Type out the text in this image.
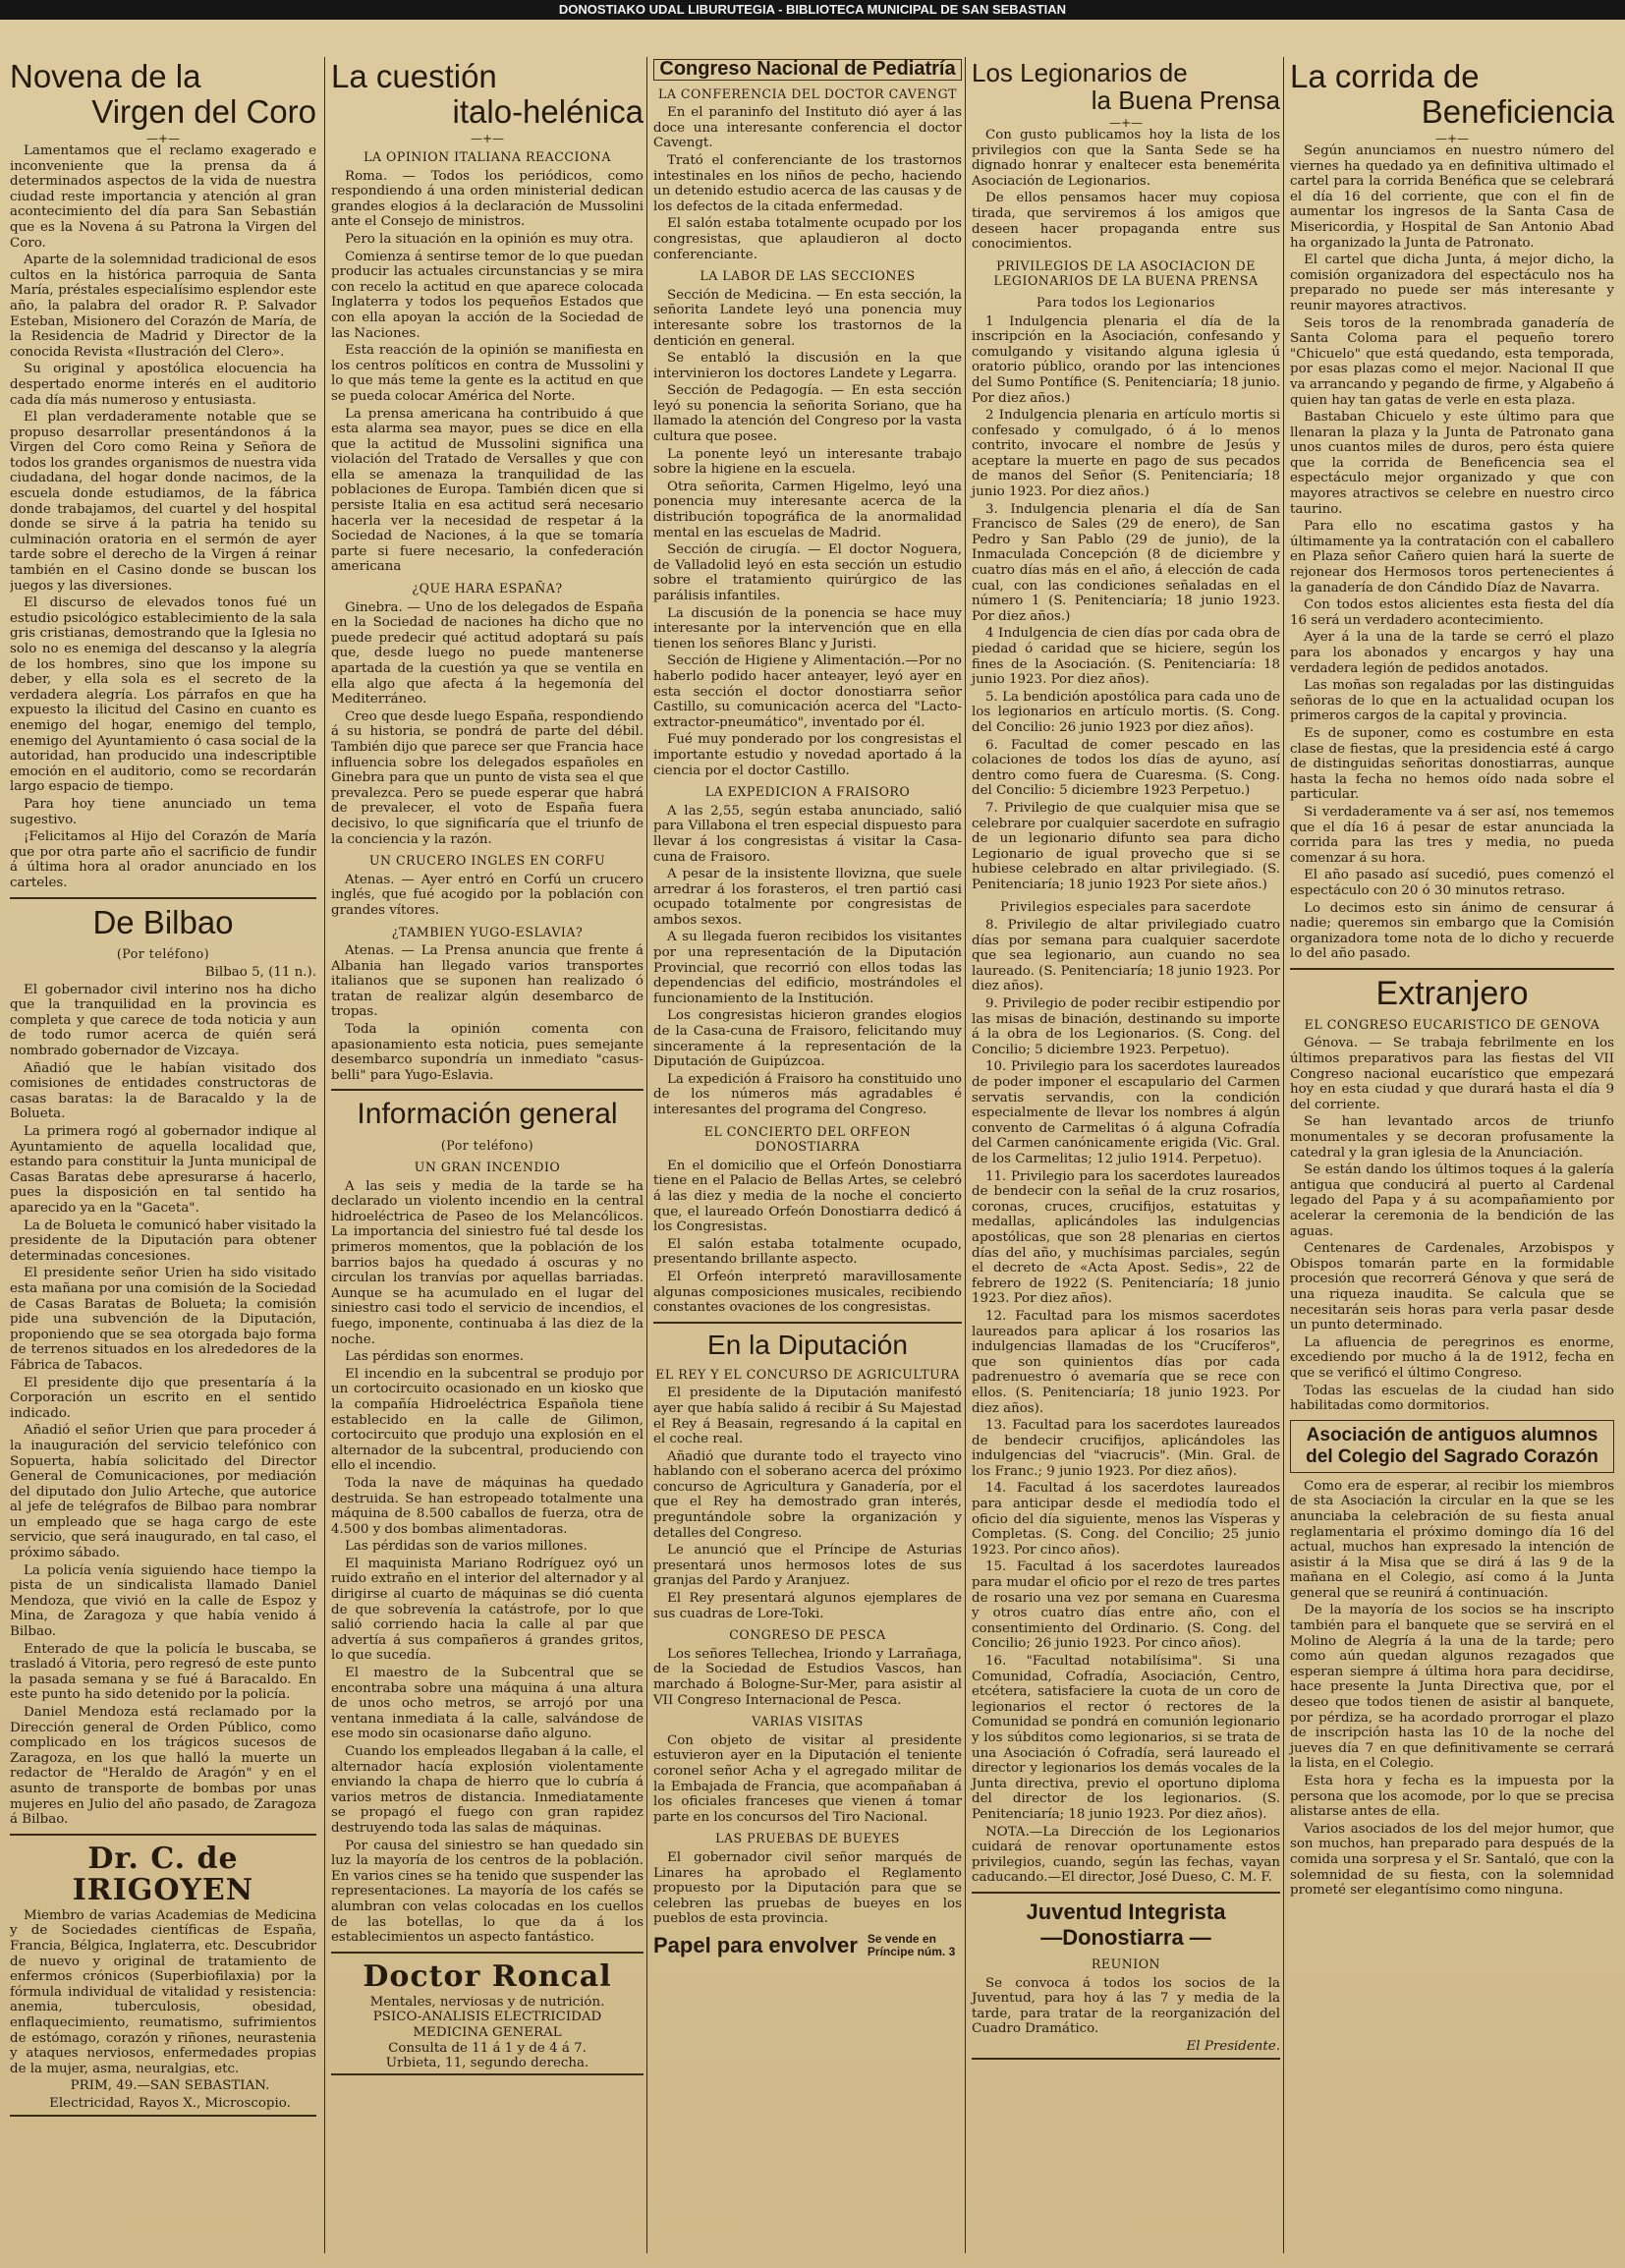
DONOSTIAKO UDAL LIBURUTEGIA - BIBLIOTECA MUNICIPAL DE SAN SEBASTIAN
Novena de la
Virgen del Coro
—+—

Lamentamos que el reclamo exagerado e inconveniente que la prensa da á determinados aspectos de la vida de nuestra ciudad reste importancia y atención al gran acontecimiento del día para San Sebastián que es la Novena á su Patrona la Virgen del Coro.

Aparte de la solemnidad tradicional de esos cultos en la histórica parroquia de Santa María, préstales especialísimo esplendor este año, la palabra del orador R. P. Salvador Esteban, Misionero del Corazón de María, de la Residencia de Madrid y Director de la conocida Revista «Ilustración del Clero».

Su original y apostólica elocuencia ha despertado enorme interés en el auditorio cada día más numeroso y entusiasta.

El plan verdaderamente notable que se propuso desarrollar presentándonos á la Virgen del Coro como Reina y Señora de todos los grandes organismos de nuestra vida ciudadana, del hogar donde nacimos, de la escuela donde estudiamos, de la fábrica donde trabajamos, del cuartel y del hospital donde se sirve á la patria ha tenido su culminación oratoria en el sermón de ayer tarde sobre el derecho de la Virgen á reinar también en el Casino donde se buscan los juegos y las diversiones.

El discurso de elevados tonos fué un estudio psicológico establecimiento de la sala gris cristianas, demostrando que la Iglesia no solo no es enemiga del descanso y la alegría de los hombres, sino que los impone su deber, y ella sola es el secreto de la verdadera alegría. Los párrafos en que ha expuesto la ilicitud del Casino en cuanto es enemigo del hogar, enemigo del templo, enemigo del Ayuntamiento ó casa social de la autoridad, han producido una indescriptible emoción en el auditorio, como se recordarán largo espacio de tiempo.

Para hoy tiene anunciado un tema sugestivo.

¡Felicitamos al Hijo del Corazón de María que por otra parte año el sacrificio de fundir á última hora al orador anunciado en los carteles.

De Bilbao

(Por teléfono)

Bilbao 5, (11 n.).

El gobernador civil interino nos ha dicho que la tranquilidad en la provincia es completa y que carece de toda noticia y aun de todo rumor acerca de quién será nombrado gobernador de Vizcaya.

Añadió que le habían visitado dos comisiones de entidades constructoras de casas baratas: la de Baracaldo y la de Bolueta.

La primera rogó al gobernador indique al Ayuntamiento de aquella localidad que, estando para constituir la Junta municipal de Casas Baratas debe apresurarse á hacerlo, pues la disposición en tal sentido ha aparecido ya en la "Gaceta".

La de Bolueta le comunicó haber visitado la presidente de la Diputación para obtener determinadas concesiones.

El presidente señor Urien ha sido visitado esta mañana por una comisión de la Sociedad de Casas Baratas de Bolueta; la comisión pide una subvención de la Diputación, proponiendo que se sea otorgada bajo forma de terrenos situados en los alrededores de la Fábrica de Tabacos.

El presidente dijo que presentaría á la Corporación un escrito en el sentido indicado.

Añadió el señor Urien que para proceder á la inauguración del servicio telefónico con Sopuerta, había solicitado del Director General de Comunicaciones, por mediación del diputado don Julio Arteche, que autorice al jefe de telégrafos de Bilbao para nombrar un empleado que se haga cargo de este servicio, que será inaugurado, en tal caso, el próximo sábado.

La policía venía siguiendo hace tiempo la pista de un sindicalista llamado Daniel Mendoza, que vivió en la calle de Espoz y Mina, de Zaragoza y que había venido á Bilbao.

Enterado de que la policía le buscaba, se trasladó á Vitoria, pero regresó de este punto la pasada semana y se fué á Baracaldo. En este punto ha sido detenido por la policía.

Daniel Mendoza está reclamado por la Dirección general de Orden Público, como complicado en los trágicos sucesos de Zaragoza, en los que halló la muerte un redactor de "Heraldo de Aragón" y en el asunto de transporte de bombas por unas mujeres en Julio del año pasado, de Zaragoza á Bilbao.

Dr. C. de IRIGOYEN

Miembro de varias Academias de Medicina y de Sociedades científicas de España, Francia, Bélgica, Inglaterra, etc. Descubridor de nuevo y original de tratamiento de enfermos crónicos (Superbiofilaxia) por la fórmula individual de vitalidad y resistencia: anemia, tuberculosis, obesidad, enflaquecimiento, reumatismo, sufrimientos de estómago, corazón y riñones, neurastenia y ataques nerviosos, enfermedades propias de la mujer, asma, neuralgias, etc.

PRIM, 49.—SAN SEBASTIAN.

Electricidad, Rayos X., Microscopio.

La cuestión
italo-helénica
—+—

LA OPINION ITALIANA REACCIONA

Roma. — Todos los periódicos, como respondiendo á una orden ministerial dedican grandes elogios á la declaración de Mussolini ante el Consejo de ministros.

Pero la situación en la opinión es muy otra.

Comienza á sentirse temor de lo que puedan producir las actuales circunstancias y se mira con recelo la actitud en que aparece colocada Inglaterra y todos los pequeños Estados que con ella apoyan la acción de la Sociedad de las Naciones.

Esta reacción de la opinión se manifiesta en los centros políticos en contra de Mussolini y lo que más teme la gente es la actitud en que se pueda colocar América del Norte.

La prensa americana ha contribuido á que esta alarma sea mayor, pues se dice en ella que la actitud de Mussolini significa una violación del Tratado de Versalles y que con ella se amenaza la tranquilidad de las poblaciones de Europa. También dicen que si persiste Italia en esa actitud será necesario hacerla ver la necesidad de respetar á la Sociedad de Naciones, á la que se tomaría parte si fuere necesario, la confederación americana

¿QUE HARA ESPAÑA?

Ginebra. — Uno de los delegados de España en la Sociedad de naciones ha dicho que no puede predecir qué actitud adoptará su país que, desde luego no puede mantenerse apartada de la cuestión ya que se ventila en ella algo que afecta á la hegemonía del Mediterráneo.

Creo que desde luego España, respondiendo á su historia, se pondrá de parte del débil. También dijo que parece ser que Francia hace influencia sobre los delegados españoles en Ginebra para que un punto de vista sea el que prevalezca. Pero se puede esperar que habrá de prevalecer, el voto de España fuera decisivo, lo que significaría que el triunfo de la conciencia y la razón.

UN CRUCERO INGLES EN CORFU

Atenas. — Ayer entró en Corfú un crucero inglés, que fué acogido por la población con grandes vítores.

¿TAMBIEN YUGO-ESLAVIA?

Atenas. — La Prensa anuncia que frente á Albania han llegado varios transportes italianos que se suponen han realizado ó tratan de realizar algún desembarco de tropas.

Toda la opinión comenta con apasionamiento esta noticia, pues semejante desembarco supondría un inmediato "casus-belli" para Yugo-Eslavia.

Información general

(Por teléfono)

UN GRAN INCENDIO

A las seis y media de la tarde se ha declarado un violento incendio en la central hidroeléctrica de Paseo de los Melancólicos. La importancia del siniestro fué tal desde los primeros momentos, que la población de los barrios bajos ha quedado á oscuras y no circulan los tranvías por aquellas barriadas. Aunque se ha acumulado en el lugar del siniestro casi todo el servicio de incendios, el fuego, imponente, continuaba á las diez de la noche.

Las pérdidas son enormes.

El incendio en la subcentral se produjo por un cortocircuito ocasionado en un kiosko que la compañía Hidroeléctrica Española tiene establecido en la calle de Gilimon, cortocircuito que produjo una explosión en el alternador de la subcentral, produciendo con ello el incendio.

Toda la nave de máquinas ha quedado destruida. Se han estropeado totalmente una máquina de 8.500 caballos de fuerza, otra de 4.500 y dos bombas alimentadoras.

Las pérdidas son de varios millones.

El maquinista Mariano Rodríguez oyó un ruido extraño en el interior del alternador y al dirigirse al cuarto de máquinas se dió cuenta de que sobrevenía la catástrofe, por lo que salió corriendo hacia la calle al par que advertía á sus compañeros á grandes gritos, lo que sucedía.

El maestro de la Subcentral que se encontraba sobre una máquina á una altura de unos ocho metros, se arrojó por una ventana inmediata á la calle, salvándose de ese modo sin ocasionarse daño alguno.

Cuando los empleados llegaban á la calle, el alternador hacía explosión violentamente enviando la chapa de hierro que lo cubría á varios metros de distancia. Inmediatamente se propagó el fuego con gran rapidez destruyendo toda las salas de máquinas.

Por causa del siniestro se han quedado sin luz la mayoría de los centros de la población. En varios cines se ha tenido que suspender las representaciones. La mayoría de los cafés se alumbran con velas colocadas en los cuellos de las botellas, lo que da á los establecimientos un aspecto fantástico.

Doctor Roncal

Mentales, nerviosas y de nutrición.

PSICO-ANALISIS ELECTRICIDAD

MEDICINA GENERAL

Consulta de 11 á 1 y de 4 á 7.

Urbieta, 11, segundo derecha.

Congreso Nacional de Pediatría

LA CONFERENCIA DEL DOCTOR CAVENGT

En el paraninfo del Instituto dió ayer á las doce una interesante conferencia el doctor Cavengt.

Trató el conferenciante de los trastornos intestinales en los niños de pecho, haciendo un detenido estudio acerca de las causas y de los defectos de la citada enfermedad.

El salón estaba totalmente ocupado por los congresistas, que aplaudieron al docto conferenciante.

LA LABOR DE LAS SECCIONES

Sección de Medicina. — En esta sección, la señorita Landete leyó una ponencia muy interesante sobre los trastornos de la dentición en general.

Se entabló la discusión en la que intervinieron los doctores Landete y Legarra.

Sección de Pedagogía. — En esta sección leyó su ponencia la señorita Soriano, que ha llamado la atención del Congreso por la vasta cultura que posee.

La ponente leyó un interesante trabajo sobre la higiene en la escuela.

Otra señorita, Carmen Higelmo, leyó una ponencia muy interesante acerca de la distribución topográfica de la anormalidad mental en las escuelas de Madrid.

Sección de cirugía. — El doctor Noguera, de Valladolid leyó en esta sección un estudio sobre el tratamiento quirúrgico de las parálisis infantiles.

La discusión de la ponencia se hace muy interesante por la intervención que en ella tienen los señores Blanc y Juristi.

Sección de Higiene y Alimentación.—Por no haberlo podido hacer anteayer, leyó ayer en esta sección el doctor donostiarra señor Castillo, su comunicación acerca del "Lacto-extractor-pneumático", inventado por él.

Fué muy ponderado por los congresistas el importante estudio y novedad aportado á la ciencia por el doctor Castillo.

LA EXPEDICION A FRAISORO

A las 2,55, según estaba anunciado, salió para Villabona el tren especial dispuesto para llevar á los congresistas á visitar la Casa-cuna de Fraisoro.

A pesar de la insistente llovizna, que suele arredrar á los forasteros, el tren partió casi ocupado totalmente por congresistas de ambos sexos.

A su llegada fueron recibidos los visitantes por una representación de la Diputación Provincial, que recorrió con ellos todas las dependencias del edificio, mostrándoles el funcionamiento de la Institución.

Los congresistas hicieron grandes elogios de la Casa-cuna de Fraisoro, felicitando muy sinceramente á la representación de la Diputación de Guipúzcoa.

La expedición á Fraisoro ha constituido uno de los números más agradables é interesantes del programa del Congreso.

EL CONCIERTO DEL ORFEON DONOSTIARRA

En el domicilio que el Orfeón Donostiarra tiene en el Palacio de Bellas Artes, se celebró á las diez y media de la noche el concierto que, el laureado Orfeón Donostiarra dedicó á los Congresistas.

El salón estaba totalmente ocupado, presentando brillante aspecto.

El Orfeón interpretó maravillosamente algunas composiciones musicales, recibiendo constantes ovaciones de los congresistas.

En la Diputación

EL REY Y EL CONCURSO DE AGRICULTURA

El presidente de la Diputación manifestó ayer que había salido á recibir á Su Majestad el Rey á Beasain, regresando á la capital en el coche real.

Añadió que durante todo el trayecto vino hablando con el soberano acerca del próximo concurso de Agricultura y Ganadería, por el que el Rey ha demostrado gran interés, preguntándole sobre la organización y detalles del Congreso.

Le anunció que el Príncipe de Asturias presentará unos hermosos lotes de sus granjas del Pardo y Aranjuez.

El Rey presentará algunos ejemplares de sus cuadras de Lore-Toki.

CONGRESO DE PESCA

Los señores Tellechea, Iriondo y Larrañaga, de la Sociedad de Estudios Vascos, han marchado á Bologne-Sur-Mer, para asistir al VII Congreso Internacional de Pesca.

VARIAS VISITAS

Con objeto de visitar al presidente estuvieron ayer en la Diputación el teniente coronel señor Acha y el agregado militar de la Embajada de Francia, que acompañaban á los oficiales franceses que vienen á tomar parte en los concursos del Tiro Nacional.

LAS PRUEBAS DE BUEYES

El gobernador civil señor marqués de Linares ha aprobado el Reglamento propuesto por la Diputación para que se celebren las pruebas de bueyes en los pueblos de esta provincia.

Papel para envolver Se vende en
Príncipe núm. 3
Los Legionarios de
la Buena Prensa
—+—

Con gusto publicamos hoy la lista de los privilegios con que la Santa Sede se ha dignado honrar y enaltecer esta benemérita Asociación de Legionarios.

De ellos pensamos hacer muy copiosa tirada, que serviremos á los amigos que deseen hacer propaganda entre sus conocimientos.

PRIVILEGIOS DE LA ASOCIACION DE LEGIONARIOS DE LA BUENA PRENSA

Para todos los Legionarios

1 Indulgencia plenaria el día de la inscripción en la Asociación, confesando y comulgando y visitando alguna iglesia ú oratorio público, orando por las intenciones del Sumo Pontífice (S. Penitenciaría; 18 junio. Por diez años.)

2 Indulgencia plenaria en artículo mortis si confesado y comulgado, ó á lo menos contrito, invocare el nombre de Jesús y aceptare la muerte en pago de sus pecados de manos del Señor (S. Penitenciaría; 18 junio 1923. Por diez años.)

3. Indulgencia plenaria el día de San Francisco de Sales (29 de enero), de San Pedro y San Pablo (29 de junio), de la Inmaculada Concepción (8 de diciembre y cuatro días más en el año, á elección de cada cual, con las condiciones señaladas en el número 1 (S. Penitenciaría; 18 junio 1923. Por diez años.)

4 Indulgencia de cien días por cada obra de piedad ó caridad que se hiciere, según los fines de la Asociación. (S. Penitenciaría: 18 junio 1923. Por diez años).

5. La bendición apostólica para cada uno de los legionarios en artículo mortis. (S. Cong. del Concilio: 26 junio 1923 por diez años).

6. Facultad de comer pescado en las colaciones de todos los días de ayuno, así dentro como fuera de Cuaresma. (S. Cong. del Concilio: 5 diciembre 1923 Perpetuo.)

7. Privilegio de que cualquier misa que se celebrare por cualquier sacerdote en sufragio de un legionario difunto sea para dicho Legionario de igual provecho que si se hubiese celebrado en altar privilegiado. (S. Penitenciaría; 18 junio 1923 Por siete años.)

Privilegios especiales para sacerdote

8. Privilegio de altar privilegiado cuatro días por semana para cualquier sacerdote que sea legionario, aun cuando no sea laureado. (S. Penitenciaría; 18 junio 1923. Por diez años).

9. Privilegio de poder recibir estipendio por las misas de binación, destinando su importe á la obra de los Legionarios. (S. Cong. del Concilio; 5 diciembre 1923. Perpetuo).

10. Privilegio para los sacerdotes laureados de poder imponer el escapulario del Carmen servatis servandis, con la condición especialmente de llevar los nombres á algún convento de Carmelitas ó á alguna Cofradía del Carmen canónicamente erigida (Vic. Gral. de los Carmelitas; 12 julio 1914. Perpetuo).

11. Privilegio para los sacerdotes laureados de bendecir con la señal de la cruz rosarios, coronas, cruces, crucifijos, estatuitas y medallas, aplicándoles las indulgencias apostólicas, que son 28 plenarias en ciertos días del año, y muchísimas parciales, según el decreto de «Acta Apost. Sedis», 22 de febrero de 1922 (S. Penitenciaría; 18 junio 1923. Por diez años).

12. Facultad para los mismos sacerdotes laureados para aplicar á los rosarios las indulgencias llamadas de los "Crucíferos", que son quinientos días por cada padrenuestro ó avemaría que se rece con ellos. (S. Penitenciaría; 18 junio 1923. Por diez años).

13. Facultad para los sacerdotes laureados de bendecir crucifijos, aplicándoles las indulgencias del "viacrucis". (Min. Gral. de los Franc.; 9 junio 1923. Por diez años).

14. Facultad á los sacerdotes laureados para anticipar desde el mediodía todo el oficio del día siguiente, menos las Vísperas y Completas. (S. Cong. del Concilio; 25 junio 1923. Por cinco años).

15. Facultad á los sacerdotes laureados para mudar el oficio por el rezo de tres partes de rosario una vez por semana en Cuaresma y otros cuatro días entre año, con el consentimiento del Ordinario. (S. Cong. del Concilio; 26 junio 1923. Por cinco años).

16. "Facultad notabilísima". Si una Comunidad, Cofradía, Asociación, Centro, etcétera, satisfaciere la cuota de un coro de legionarios el rector ó rectores de la Comunidad se pondrá en comunión legionario y los súbditos como legionarios, si se trata de una Asociación ó Cofradía, será laureado el director y legionarios los demás vocales de la Junta directiva, previo el oportuno diploma del director de los legionarios. (S. Penitenciaría; 18 junio 1923. Por diez años).

NOTA.—La Dirección de los Legionarios cuidará de renovar oportunamente estos privilegios, cuando, según las fechas, vayan caducando.—El director, José Dueso, C. M. F.

Juventud Integrista
—Donostiarra —

REUNION

Se convoca á todos los socios de la Juventud, para hoy á las 7 y media de la tarde, para tratar de la reorganización del Cuadro Dramático.

El Presidente.

La corrida de
Beneficiencia
—+—

Según anunciamos en nuestro número del viernes ha quedado ya en definitiva ultimado el cartel para la corrida Benéfica que se celebrará el día 16 del corriente, que con el fin de aumentar los ingresos de la Santa Casa de Misericordia, y Hospital de San Antonio Abad ha organizado la Junta de Patronato.

El cartel que dicha Junta, á mejor dicho, la comisión organizadora del espectáculo nos ha preparado no puede ser más interesante y reunir mayores atractivos.

Seis toros de la renombrada ganadería de Santa Coloma para el pequeño torero "Chicuelo" que está quedando, esta temporada, por esas plazas como el mejor. Nacional II que va arrancando y pegando de firme, y Algabeño á quien hay tan gatas de verle en esta plaza.

Bastaban Chicuelo y este último para que llenaran la plaza y la Junta de Patronato gana unos cuantos miles de duros, pero ésta quiere que la corrida de Beneficencia sea el espectáculo mejor organizado y que con mayores atractivos se celebre en nuestro circo taurino.

Para ello no escatima gastos y ha últimamente ya la contratación con el caballero en Plaza señor Cañero quien hará la suerte de rejonear dos Hermosos toros pertenecientes á la ganadería de don Cándido Díaz de Navarra.

Con todos estos alicientes esta fiesta del día 16 será un verdadero acontecimiento.

Ayer á la una de la tarde se cerró el plazo para los abonados y encargos y hay una verdadera legión de pedidos anotados.

Las moñas son regaladas por las distinguidas señoras de lo que en la actualidad ocupan los primeros cargos de la capital y provincia.

Es de suponer, como es costumbre en esta clase de fiestas, que la presidencia esté á cargo de distinguidas señoritas donostiarras, aunque hasta la fecha no hemos oído nada sobre el particular.

Si verdaderamente va á ser así, nos tememos que el día 16 á pesar de estar anunciada la corrida para las tres y media, no pueda comenzar á su hora.

El año pasado así sucedió, pues comenzó el espectáculo con 20 ó 30 minutos retraso.

Lo decimos esto sin ánimo de censurar á nadie; queremos sin embargo que la Comisión organizadora tome nota de lo dicho y recuerde lo del año pasado.

Extranjero

EL CONGRESO EUCARISTICO DE GENOVA

Génova. — Se trabaja febrilmente en los últimos preparativos para las fiestas del VII Congreso nacional eucarístico que empezará hoy en esta ciudad y que durará hasta el día 9 del corriente.

Se han levantado arcos de triunfo monumentales y se decoran profusamente la catedral y la gran iglesia de la Anunciación.

Se están dando los últimos toques á la galería antigua que conducirá al puerto al Cardenal legado del Papa y á su acompañamiento por acelerar la ceremonia de la bendición de las aguas.

Centenares de Cardenales, Arzobispos y Obispos tomarán parte en la formidable procesión que recorrerá Génova y que será de una riqueza inaudita. Se calcula que se necesitarán seis horas para verla pasar desde un punto determinado.

La afluencia de peregrinos es enorme, excediendo por mucho á la de 1912, fecha en que se verificó el último Congreso.

Todas las escuelas de la ciudad han sido habilitadas como dormitorios.

Asociación de antiguos alumnos del Colegio del Sagrado Corazón

Como era de esperar, al recibir los miembros de sta Asociación la circular en la que se les anunciaba la celebración de su fiesta anual reglamentaria el próximo domingo día 16 del actual, muchos han expresado la intención de asistir á la Misa que se dirá á las 9 de la mañana en el Colegio, así como á la Junta general que se reunirá á continuación.

De la mayoría de los socios se ha inscripto también para el banquete que se servirá en el Molino de Alegría á la una de la tarde; pero como aún quedan algunos rezagados que esperan siempre á última hora para decidirse, hace presente la Junta Directiva que, por el deseo que todos tienen de asistir al banquete, por pérdiza, se ha acordado prorrogar el plazo de inscripción hasta las 10 de la noche del jueves día 7 en que definitivamente se cerrará la lista, en el Colegio.

Esta hora y fecha es la impuesta por la persona que los acomode, por lo que se precisa alistarse antes de ella.

Varios asociados de los del mejor humor, que son muchos, han preparado para después de la comida una sorpresa y el Sr. Santaló, que con la solemnidad de su fiesta, con la solemnidad prometé ser elegantísimo como ninguna.
